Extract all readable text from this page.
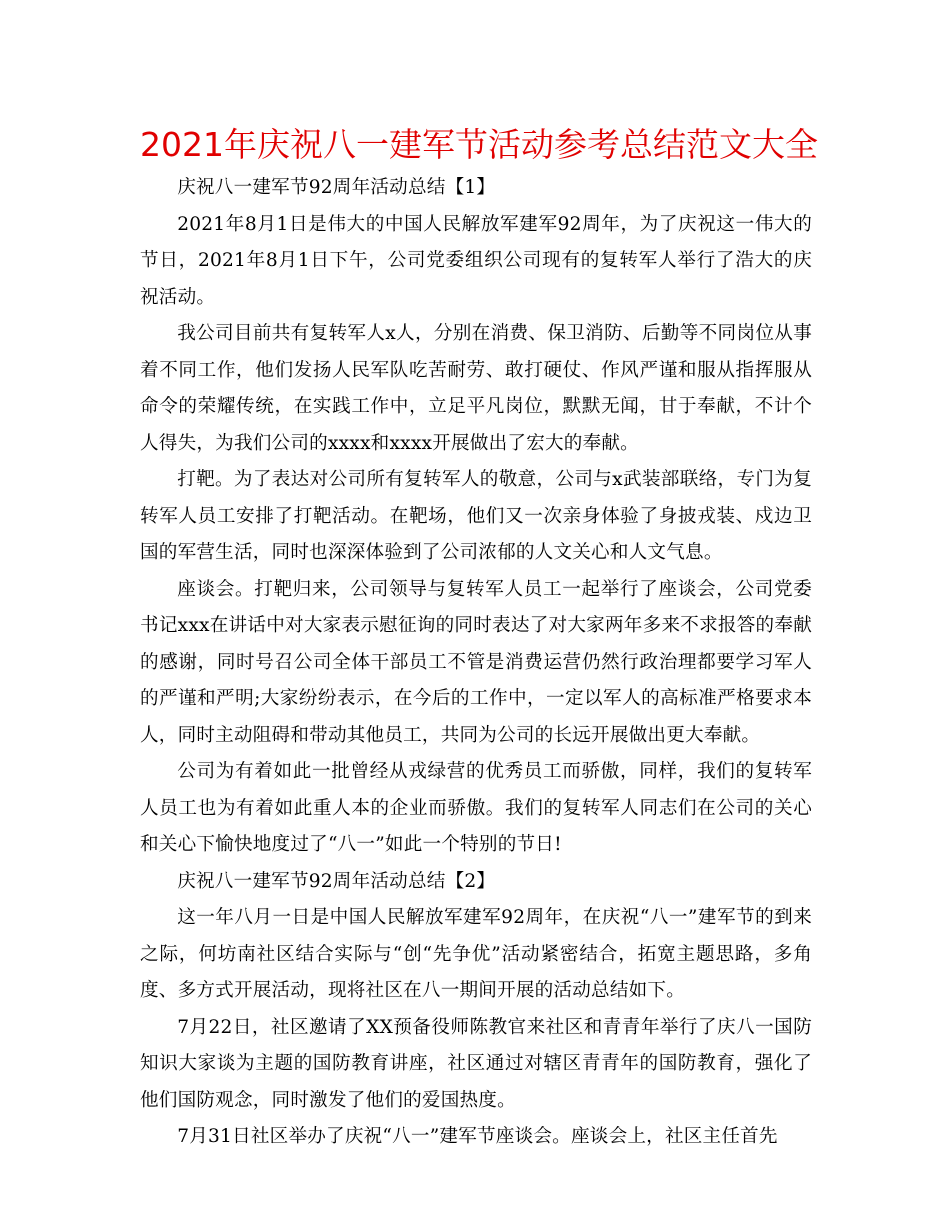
2021年庆祝八一建军节活动参考总结范文大全

庆祝八一建军节92周年活动总结【1】

2021年8月1日是伟大的中国人民解放军建军92周年，为了庆祝这一伟大的节日，2021年8月1日下午，公司党委组织公司现有的复转军人举行了浩大的庆祝活动。

我公司目前共有复转军人x人，分别在消费、保卫消防、后勤等不同岗位从事着不同工作，他们发扬人民军队吃苦耐劳、敢打硬仗、作风严谨和服从指挥服从命令的荣耀传统，在实践工作中，立足平凡岗位，默默无闻，甘于奉献，不计个人得失，为我们公司的xxxx和xxxx开展做出了宏大的奉献。

打靶。为了表达对公司所有复转军人的敬意，公司与x武装部联络，专门为复转军人员工安排了打靶活动。在靶场，他们又一次亲身体验了身披戎装、戍边卫国的军营生活，同时也深深体验到了公司浓郁的人文关心和人文气息。

座谈会。打靶归来，公司领导与复转军人员工一起举行了座谈会，公司党委书记xxx在讲话中对大家表示慰征询的同时表达了对大家两年多来不求报答的奉献的感谢，同时号召公司全体干部员工不管是消费运营仍然行政治理都要学习军人的严谨和严明;大家纷纷表示，在今后的工作中，一定以军人的高标准严格要求本人，同时主动阻碍和带动其他员工，共同为公司的长远开展做出更大奉献。

公司为有着如此一批曾经从戎绿营的优秀员工而骄傲，同样，我们的复转军人员工也为有着如此重人本的企业而骄傲。我们的复转军人同志们在公司的关心和关心下愉快地度过了“八一”如此一个特别的节日!

庆祝八一建军节92周年活动总结【2】

这一年八月一日是中国人民解放军建军92周年，在庆祝“八一”建军节的到来之际，何坊南社区结合实际与“创“先争优”活动紧密结合，拓宽主题思路，多角度、多方式开展活动，现将社区在八一期间开展的活动总结如下。

7月22日，社区邀请了XX预备役师陈教官来社区和青青年举行了庆八一国防知识大家谈为主题的国防教育讲座，社区通过对辖区青青年的国防教育，强化了他们国防观念，同时激发了他们的爱国热度。

7月31日社区举办了庆祝“八一”建军节座谈会。座谈会上，社区主任首先
